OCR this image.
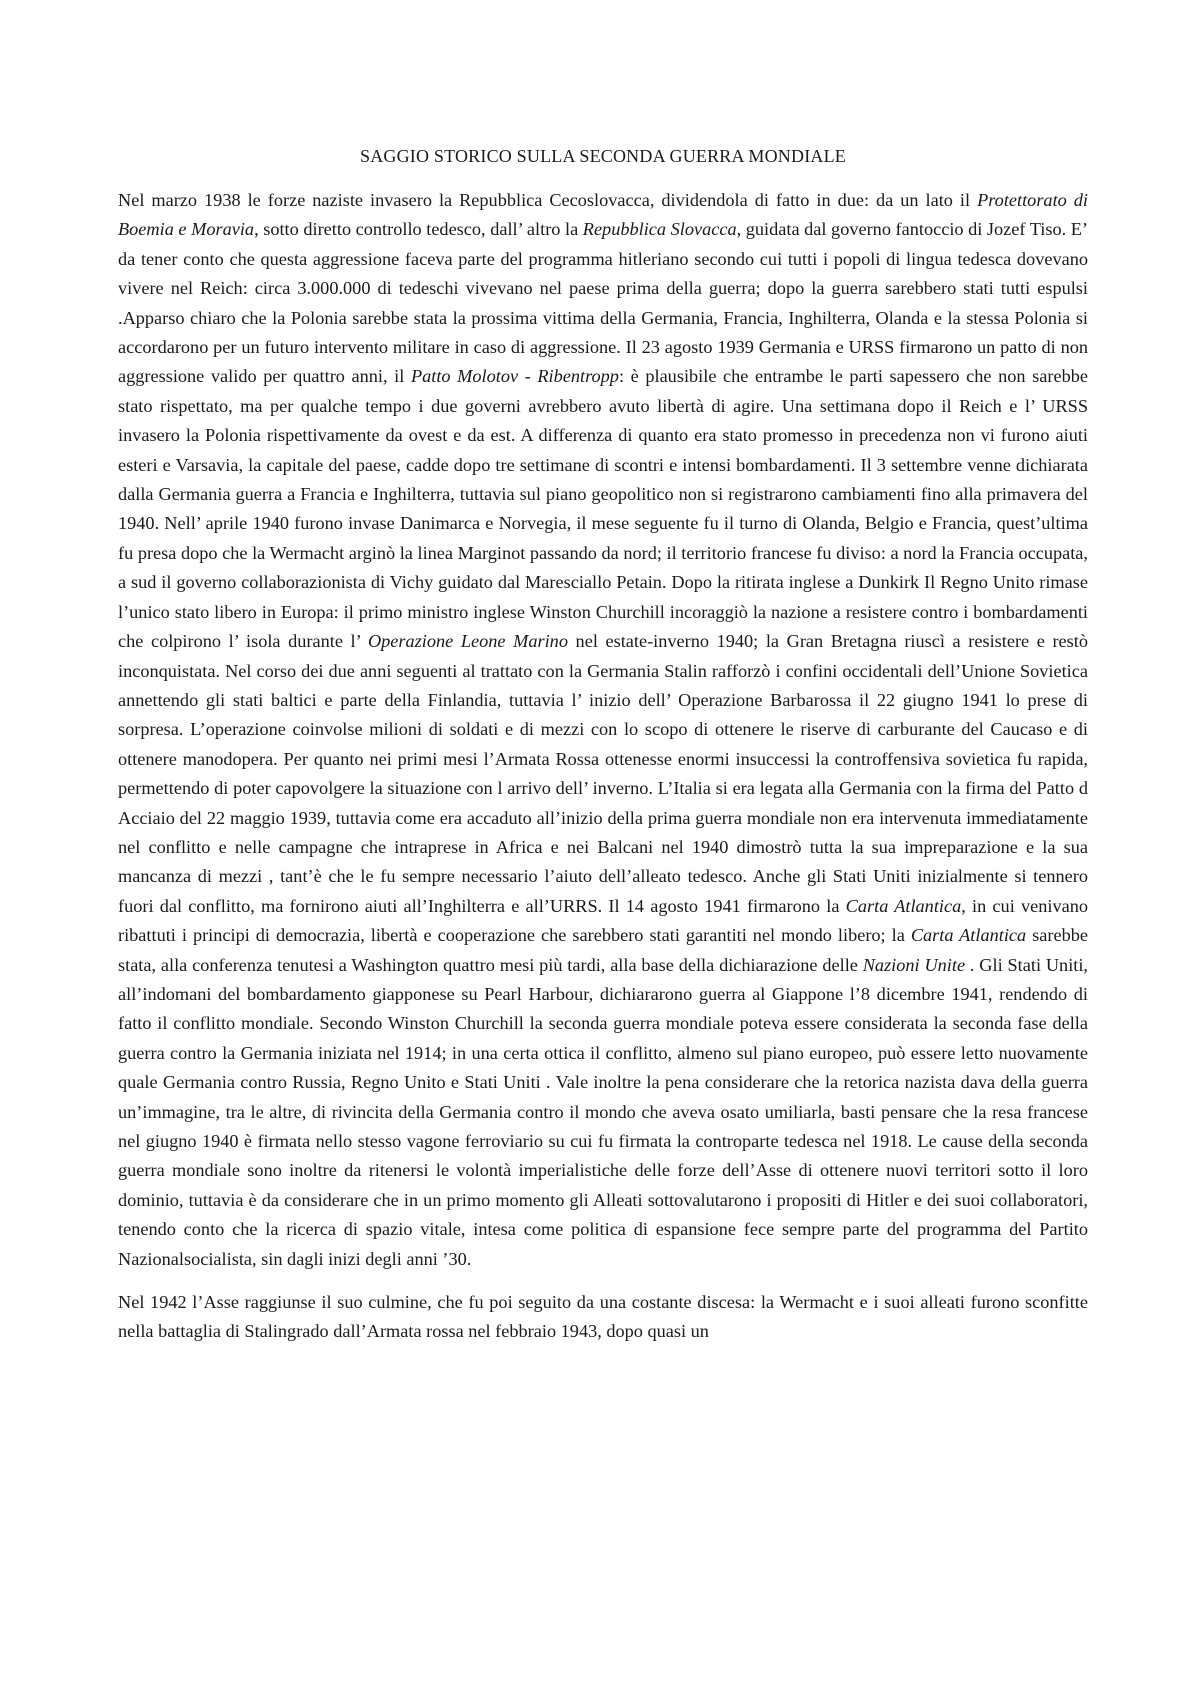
SAGGIO STORICO SULLA SECONDA GUERRA MONDIALE

Nel marzo 1938 le forze naziste invasero la Repubblica Cecoslovacca, dividendola di fatto in due: da un lato il Protettorato di Boemia e Moravia, sotto diretto controllo tedesco, dall’ altro la Repubblica Slovacca, guidata dal governo fantoccio di Jozef Tiso. E’ da tener conto che questa aggressione faceva parte del programma hitleriano secondo cui tutti i popoli di lingua tedesca dovevano vivere nel Reich: circa 3.000.000 di tedeschi vivevano nel paese prima della guerra; dopo la guerra sarebbero stati tutti espulsi .Apparso chiaro che la Polonia sarebbe stata la prossima vittima della Germania, Francia, Inghilterra, Olanda e la stessa Polonia si accordarono per un futuro intervento militare in caso di aggressione. Il 23 agosto 1939 Germania e URSS firmarono un patto di non aggressione valido per quattro anni, il Patto Molotov - Ribentropp: è plausibile che entrambe le parti sapessero che non sarebbe stato rispettato, ma per qualche tempo i due governi avrebbero avuto libertà di agire. Una settimana dopo il Reich e l’ URSS invasero la Polonia rispettivamente da ovest e da est. A differenza di quanto era stato promesso in precedenza non vi furono aiuti esteri e Varsavia, la capitale del paese, cadde dopo tre settimane di scontri e intensi bombardamenti. Il 3 settembre venne dichiarata dalla Germania guerra a Francia e Inghilterra, tuttavia sul piano geopolitico non si registrarono cambiamenti fino alla primavera del 1940. Nell’ aprile 1940 furono invase Danimarca e Norvegia, il mese seguente fu il turno di Olanda, Belgio e Francia, quest’ultima fu presa dopo che la Wermacht arginò la linea Marginot passando da nord; il territorio francese fu diviso: a nord la Francia occupata, a sud il governo collaborazionista di Vichy guidato dal Maresciallo Petain. Dopo la ritirata inglese a Dunkirk Il Regno Unito rimase l’unico stato libero in Europa: il primo ministro inglese Winston Churchill incoraggiò la nazione a resistere contro i bombardamenti che colpirono l’ isola durante l’ Operazione Leone Marino nel estate-inverno 1940; la Gran Bretagna riuscì a resistere e restò inconquistata. Nel corso dei due anni seguenti al trattato con la Germania Stalin rafforzò i confini occidentali dell’Unione Sovietica annettendo gli stati baltici e parte della Finlandia, tuttavia l’ inizio dell’ Operazione Barbarossa il 22 giugno 1941 lo prese di sorpresa. L’operazione coinvolse milioni di soldati e di mezzi con lo scopo di ottenere le riserve di carburante del Caucaso e di ottenere manodopera. Per quanto nei primi mesi l’Armata Rossa ottenesse enormi insuccessi la controffensiva sovietica fu rapida, permettendo di poter capovolgere la situazione con l arrivo dell’ inverno. L’Italia si era legata alla Germania con la firma del Patto d Acciaio del 22 maggio 1939, tuttavia come era accaduto all’inizio della prima guerra mondiale non era intervenuta immediatamente nel conflitto e nelle campagne che intraprese in Africa e nei Balcani nel 1940 dimostrò tutta la sua impreparazione e la sua mancanza di mezzi , tant’è che le fu sempre necessario l’aiuto dell’alleato tedesco. Anche gli Stati Uniti inizialmente si tennero fuori dal conflitto, ma fornirono aiuti all’Inghilterra e all’URRS. Il 14 agosto 1941 firmarono la Carta Atlantica, in cui venivano ribattuti i principi di democrazia, libertà e cooperazione che sarebbero stati garantiti nel mondo libero; la Carta Atlantica sarebbe stata, alla conferenza tenutesi a Washington quattro mesi più tardi, alla base della dichiarazione delle Nazioni Unite . Gli Stati Uniti, all’indomani del bombardamento giapponese su Pearl Harbour, dichiararono guerra al Giappone l’8 dicembre 1941, rendendo di fatto il conflitto mondiale. Secondo Winston Churchill la seconda guerra mondiale poteva essere considerata la seconda fase della guerra contro la Germania iniziata nel 1914; in una certa ottica il conflitto, almeno sul piano europeo, può essere letto nuovamente quale Germania contro Russia, Regno Unito e Stati Uniti . Vale inoltre la pena considerare che la retorica nazista dava della guerra un’immagine, tra le altre, di rivincita della Germania contro il mondo che aveva osato umiliarla, basti pensare che la resa francese nel giugno 1940 è firmata nello stesso vagone ferroviario su cui fu firmata la controparte tedesca nel 1918. Le cause della seconda guerra mondiale sono inoltre da ritenersi le volontà imperialistiche delle forze dell’Asse di ottenere nuovi territori sotto il loro dominio, tuttavia è da considerare che in un primo momento gli Alleati sottovalutarono i propositi di Hitler e dei suoi collaboratori, tenendo conto che la ricerca di spazio vitale, intesa come politica di espansione fece sempre parte del programma del Partito Nazionalsocialista, sin dagli inizi degli anni ’30.

Nel 1942 l’Asse raggiunse il suo culmine, che fu poi seguito da una costante discesa: la Wermacht e i suoi alleati furono sconfitte nella battaglia di Stalingrado dall’Armata rossa nel febbraio 1943, dopo quasi un
